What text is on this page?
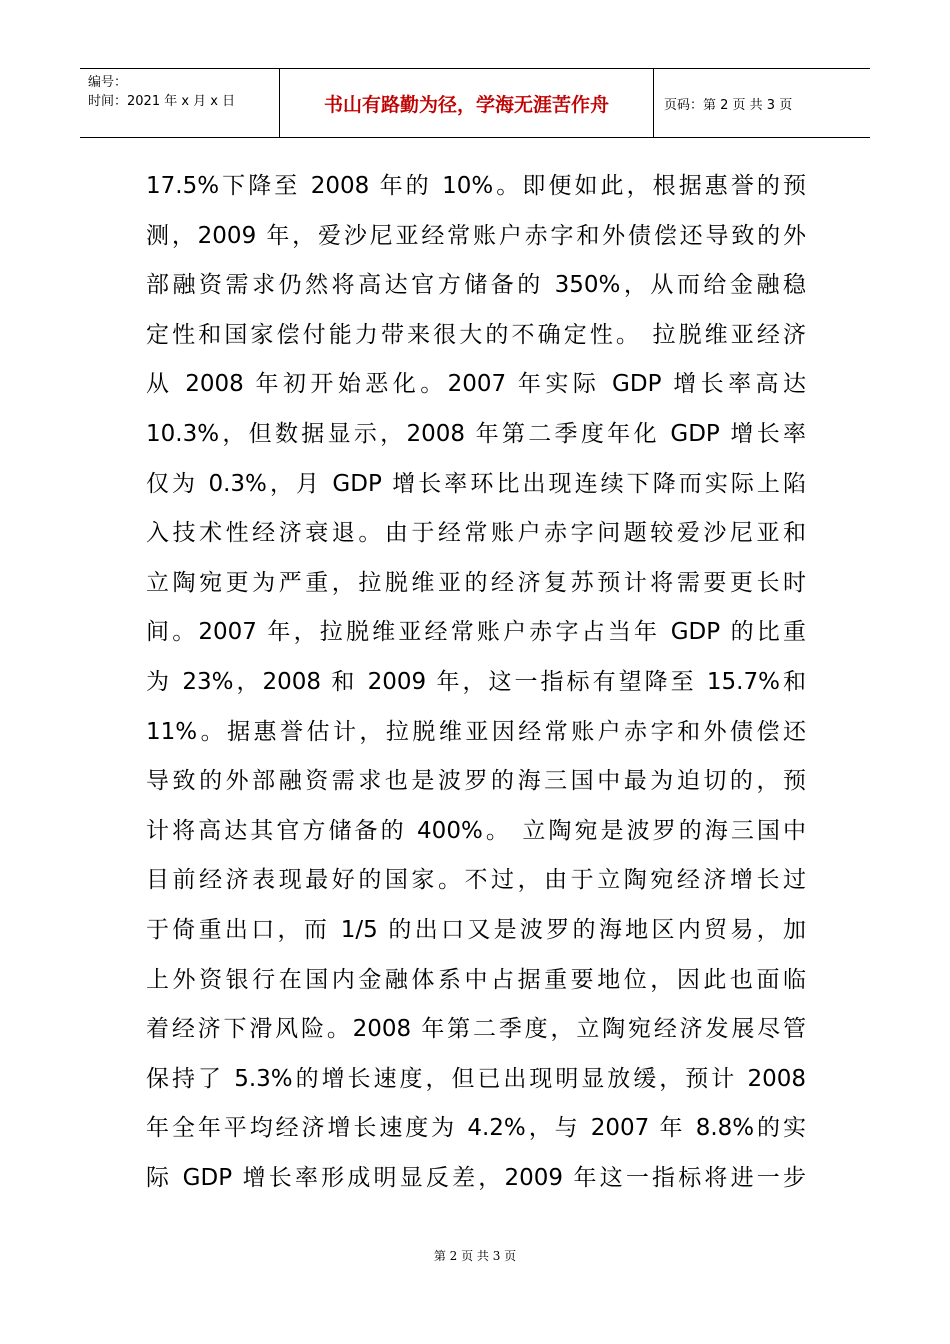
编号：
时间：2021 年 x 月 x 日	书山有路勤为径，学海无涯苦作舟	页码：第 2 页 共 3 页
17.5%下降至 2008 年的 10%。即便如此，根据惠誉的预
测，2009 年，爱沙尼亚经常账户赤字和外债偿还导致的外
部融资需求仍然将高达官方储备的 350%，从而给金融稳
定性和国家偿付能力带来很大的不确定性。 拉脱维亚经济
从 2008 年初开始恶化。2007 年实际 GDP 增长率高达
10.3%，但数据显示，2008 年第二季度年化 GDP 增长率
仅为 0.3%，月 GDP 增长率环比出现连续下降而实际上陷
入技术性经济衰退。由于经常账户赤字问题较爱沙尼亚和
立陶宛更为严重，拉脱维亚的经济复苏预计将需要更长时
间。2007 年，拉脱维亚经常账户赤字占当年 GDP 的比重
为 23%，2008 和 2009 年，这一指标有望降至 15.7%和
11%。据惠誉估计，拉脱维亚因经常账户赤字和外债偿还
导致的外部融资需求也是波罗的海三国中最为迫切的，预
计将高达其官方储备的 400%。 立陶宛是波罗的海三国中
目前经济表现最好的国家。不过，由于立陶宛经济增长过
于倚重出口，而 1/5 的出口又是波罗的海地区内贸易，加
上外资银行在国内金融体系中占据重要地位，因此也面临
着经济下滑风险。2008 年第二季度，立陶宛经济发展尽管
保持了 5.3%的增长速度，但已出现明显放缓，预计 2008
年全年平均经济增长速度为 4.2%，与 2007 年 8.8%的实
际 GDP 增长率形成明显反差，2009 年这一指标将进一步
第 2 页 共 3 页
